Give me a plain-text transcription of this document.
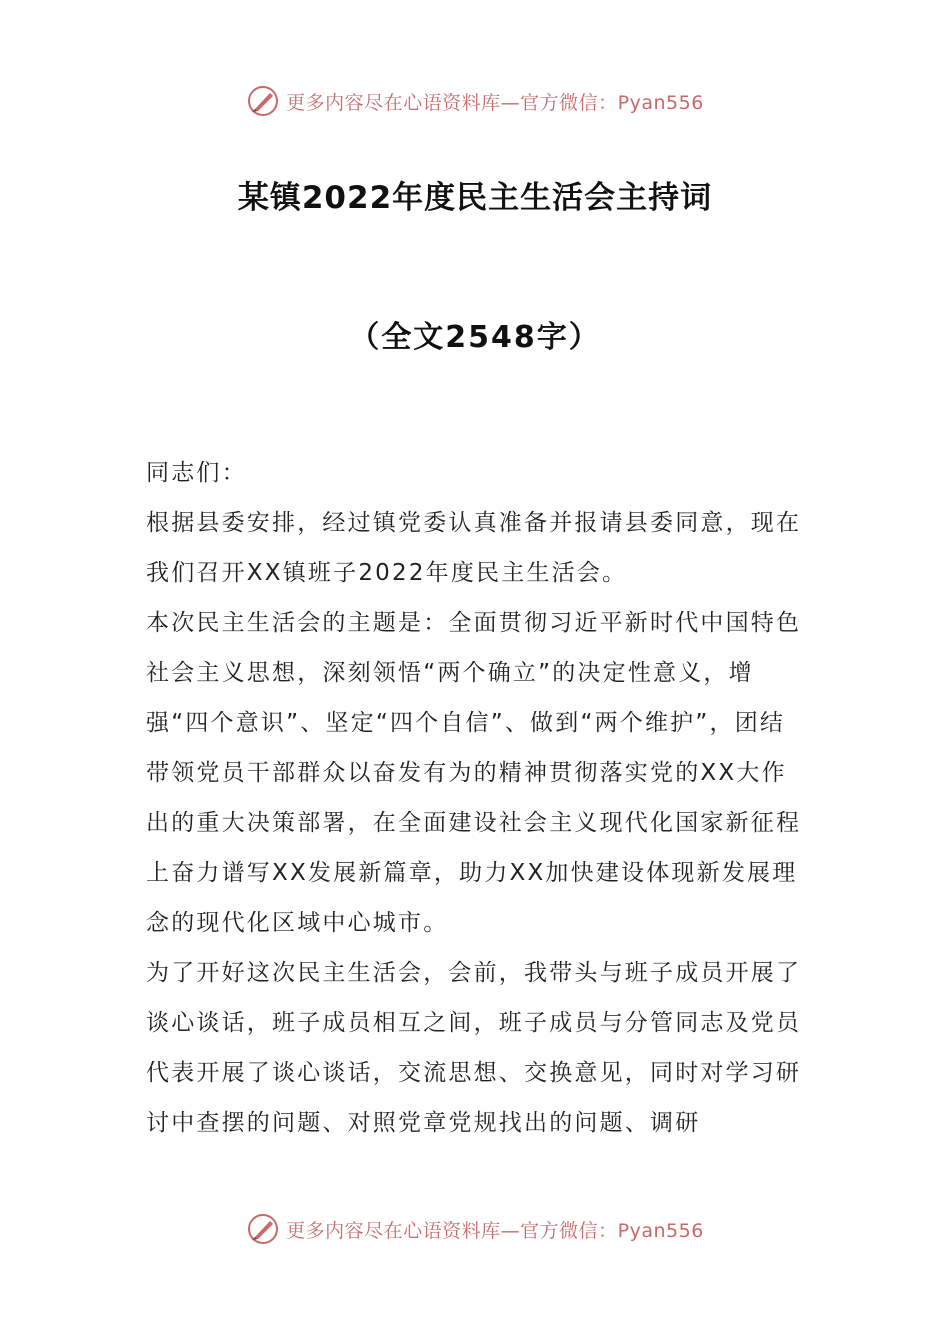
更多内容尽在心语资料库—官方微信：Pyan556
某镇2022年度民主生活会主持词
（全文2548字）

同志们：

根据县委安排，经过镇党委认真准备并报请县委同意，现在我们召开XX镇班子2022年度民主生活会。

本次民主生活会的主题是：全面贯彻习近平新时代中国特色社会主义思想，深刻领悟“两个确立”的决定性意义，增强“四个意识”、坚定“四个自信”、做到“两个维护”，团结带领党员干部群众以奋发有为的精神贯彻落实党的XX大作出的重大决策部署，在全面建设社会主义现代化国家新征程上奋力谱写XX发展新篇章，助力XX加快建设体现新发展理念的现代化区域中心城市。

为了开好这次民主生活会，会前，我带头与班子成员开展了谈心谈话，班子成员相互之间，班子成员与分管同志及党员代表开展了谈心谈话，交流思想、交换意见，同时对学习研讨中查摆的问题、对照党章党规找出的问题、调研

更多内容尽在心语资料库—官方微信：Pyan556
